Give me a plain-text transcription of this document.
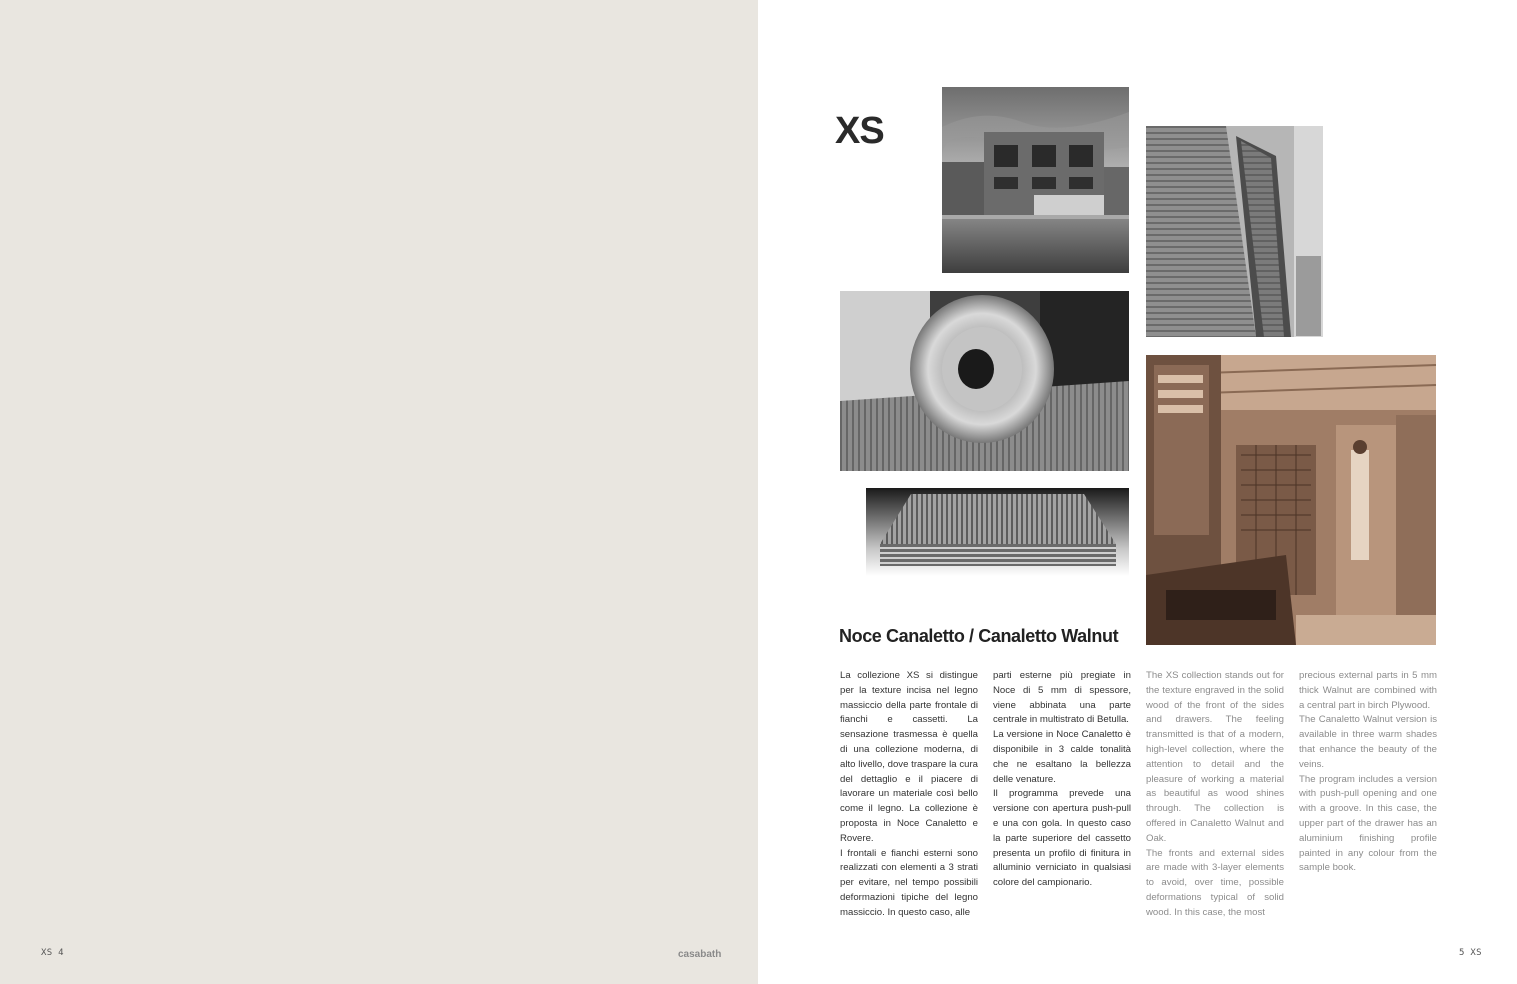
XS 4	casabath
XS
Noce Canaletto / Canaletto Walnut

La collezione XS si distingue per la texture incisa nel legno massiccio della parte frontale di fianchi e cassetti. La sensazione trasmessa è quella di una collezione moderna, di alto livello, dove traspare la cura del dettaglio e il piacere di lavorare un materiale così bello come il legno. La collezione è proposta in Noce Canaletto e Rovere.

I frontali e fianchi esterni sono realizzati con elementi a 3 strati per evitare, nel tempo possibili deformazioni tipiche del legno massiccio. In questo caso, alle

parti esterne più pregiate in Noce di 5 mm di spessore, viene abbinata una parte centrale in multistrato di Betulla.

La versione in Noce Canaletto è disponibile in 3 calde tonalità che ne esaltano la bellezza delle venature.

Il programma prevede una versione con apertura push-pull e una con gola. In questo caso la parte superiore del cassetto presenta un profilo di finitura in alluminio verniciato in qualsiasi colore del campionario.

The XS collection stands out for the texture engraved in the solid wood of the front of the sides and drawers. The feeling transmitted is that of a modern, high-level collection, where the attention to detail and the pleasure of working a material as beautiful as wood shines through. The collection is offered in Canaletto Walnut and Oak.

The fronts and external sides are made with 3-layer elements to avoid, over time, possible deformations typical of solid wood. In this case, the most

precious external parts in 5 mm thick Walnut are combined with a central part in birch Plywood.

The Canaletto Walnut version is available in three warm shades that enhance the beauty of the veins.

The program includes a version with push-pull opening and one with a groove. In this case, the upper part of the drawer has an aluminium finishing profile painted in any colour from the sample book.

5 XS
